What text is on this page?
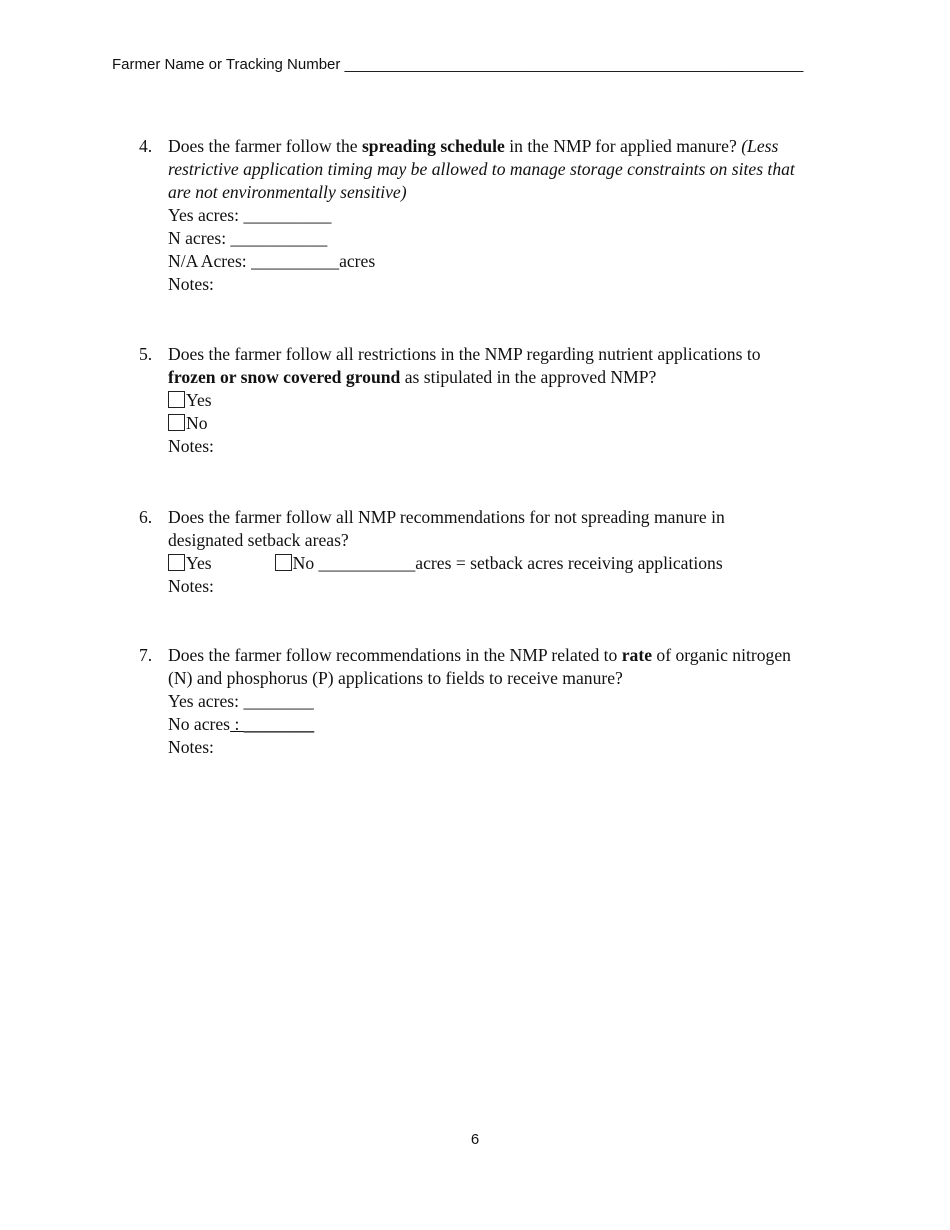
Farmer Name or Tracking Number _______________________________________________________
4. Does the farmer follow the spreading schedule in the NMP for applied manure? (Less
restrictive application timing may be allowed to manage storage constraints on sites that
are not environmentally sensitive)
Yes acres: __________
N acres: ___________
N/A Acres: __________acres
Notes:
5. Does the farmer follow all restrictions in the NMP regarding nutrient applications to
frozen or snow covered ground as stipulated in the approved NMP?
Yes
No
Notes:
6. Does the farmer follow all NMP recommendations for not spreading manure in
designated setback areas?
Yes	No ___________acres = setback acres receiving applications
Notes:
7. Does the farmer follow recommendations in the NMP related to rate of organic nitrogen
(N) and phosphorus (P) applications to fields to receive manure?
Yes acres: ________
No acres : ________
Notes:
6
